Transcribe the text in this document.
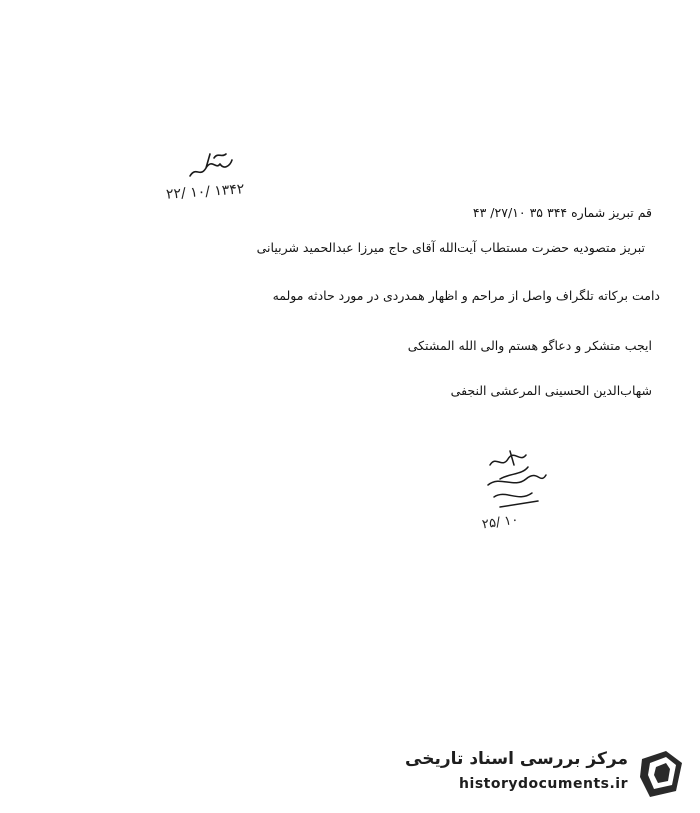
۲۲/ ۱۰/ ۱۳۴۲
قم تبریز شماره ۳۴۴ ۳۵ ۲۷/۱۰/ ۴۳
تبریز متصودیه حضرت مستطاب آیت‌الله آقای حاج میرزا عبدالحمید شربیانی
دامت برکاته تلگراف واصل از مراحم و اظهار همدردی در مورد حادثه مولمه
ایجب متشکر و دعاگو هستم والی الله المشتکی
شهاب‌الدین الحسینی المرعشی النجفی
۲۵/ ۱۰
مرکز بررسی اسناد تاریخی
historydocuments.ir
